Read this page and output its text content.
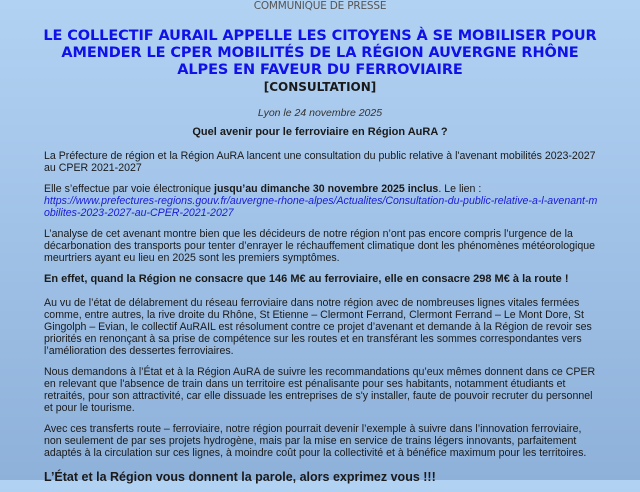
COMMUNIQUE DE PRESSE
LE COLLECTIF AURAIL APPELLE LES CITOYENS À SE MOBILISER POUR AMENDER LE CPER MOBILITÉS DE LA RÉGION AUVERGNE RHÔNE ALPES EN FAVEUR DU FERROVIAIRE
[CONSULTATION]
Lyon le 24 novembre 2025
Quel avenir pour le ferroviaire en Région AuRA ?

La Préfecture de région et la Région AuRA lancent une consultation du public relative à l'avenant mobilités 2023-2027 au CPER 2021-2027

Elle s’effectue par voie électronique jusqu’au dimanche 30 novembre 2025 inclus. Le lien :
https://www.prefectures-regions.gouv.fr/auvergne-rhone-alpes/Actualites/Consultation-du-public-relative-a-l-avenant-mobilites-2023-2027-au-CPER-2021-2027

L’analyse de cet avenant montre bien que les décideurs de notre région n’ont pas encore compris l’urgence de la décarbonation des transports pour tenter d’enrayer le réchauffement climatique dont les phénomènes météorologique meurtriers ayant eu lieu en 2025 sont les premiers symptômes.

En effet, quand la Région ne consacre que 146 M€ au ferroviaire, elle en consacre 298 M€ à la route !

Au vu de l’état de délabrement du réseau ferroviaire dans notre région avec de nombreuses lignes vitales fermées comme, entre autres, la rive droite du Rhône, St Etienne – Clermont Ferrand, Clermont Ferrand – Le Mont Dore, St Gingolph – Evian, le collectif AuRAIL est résolument contre ce projet d’avenant et demande à la Région de revoir ses priorités en renonçant à sa prise de compétence sur les routes et en transférant les sommes correspondantes vers l’amélioration des dessertes ferroviaires.

Nous demandons à l’État et à la Région AuRA de suivre les recommandations qu’eux mêmes donnent dans ce CPER en relevant que l'absence de train dans un territoire est pénalisante pour ses habitants, notamment étudiants et retraités, pour son attractivité, car elle dissuade les entreprises de s'y installer, faute de pouvoir recruter du personnel et pour le tourisme.

Avec ces transferts route – ferroviaire, notre région pourrait devenir l’exemple à suivre dans l’innovation ferroviaire, non seulement de par ses projets hydrogène, mais par la mise en service de trains légers innovants, parfaitement adaptés à la circulation sur ces lignes, à moindre coût pour la collectivité et à bénéfice maximum pour les territoires.

L’État et la Région vous donnent la parole, alors exprimez vous !!!
